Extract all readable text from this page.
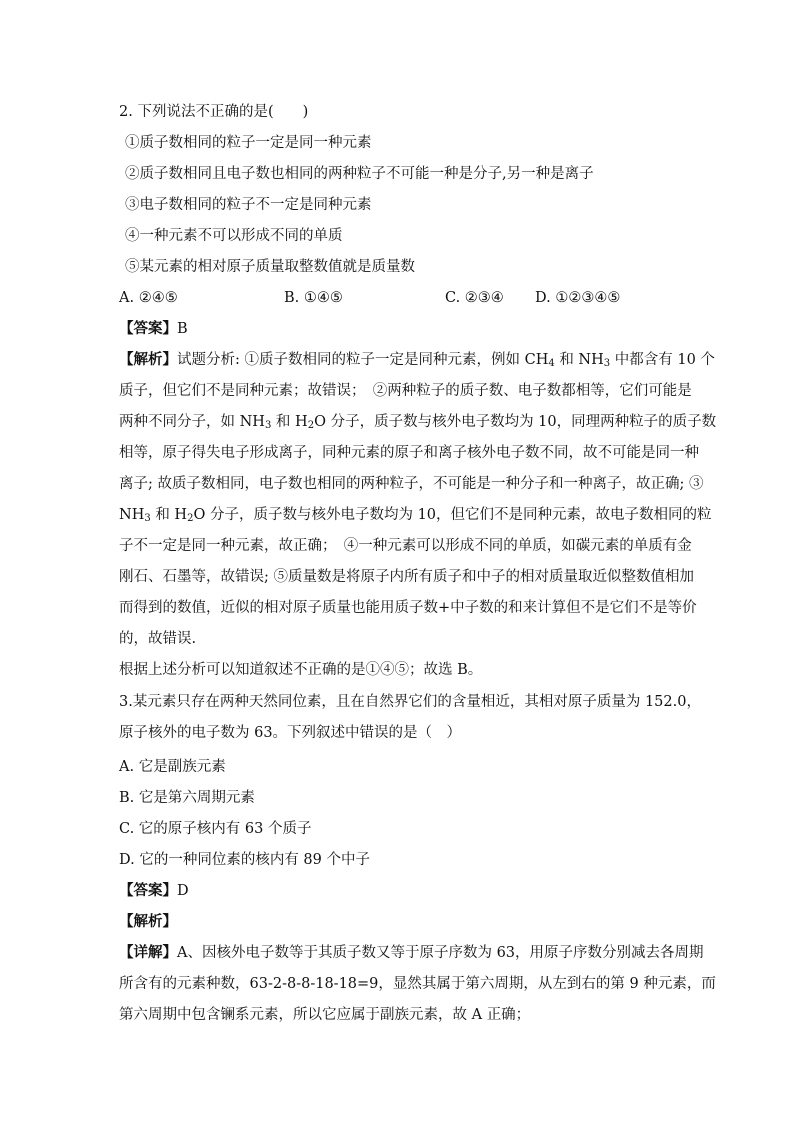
2. 下列说法不正确的是(　　)
①质子数相同的粒子一定是同一种元素
②质子数相同且电子数也相同的两种粒子不可能一种是分子,另一种是离子
③电子数相同的粒子不一定是同种元素
④一种元素不可以形成不同的单质
⑤某元素的相对原子质量取整数值就是质量数
A. ②④⑤	B. ①④⑤	C. ②③④ D. ①②③④⑤
【答案】B
【解析】试题分析: ①质子数相同的粒子一定是同种元素，例如 $CH_4$ 和 $NH_3$ 中都含有 10 个
质子，但它们不是同种元素；故错误；　②两种粒子的质子数、电子数都相等，它们可能是
两种不同分子，如 $NH_3$ 和 $H_2O$ 分子，质子数与核外电子数均为 10，同理两种粒子的质子数
相等，原子得失电子形成离子，同种元素的原子和离子核外电子数不同，故不可能是同一种
离子; 故质子数相同，电子数也相同的两种粒子，不可能是一种分子和一种离子，故正确; ③
$NH_3$ 和 $H_2O$ 分子，质子数与核外电子数均为 10，但它们不是同种元素，故电子数相同的粒
子不一定是同一种元素，故正确；　④一种元素可以形成不同的单质，如碳元素的单质有金
刚石、石墨等，故错误; ⑤质量数是将原子内所有质子和中子的相对质量取近似整数值相加
而得到的数值，近似的相对原子质量也能用质子数+中子数的和来计算但不是它们不是等价
的，故错误.
根据上述分析可以知道叙述不正确的是①④⑤；故选 B。
3.某元素只存在两种天然同位素，且在自然界它们的含量相近，其相对原子质量为 152.0，
原子核外的电子数为 63。下列叙述中错误的是（　）
A. 它是副族元素
B. 它是第六周期元素
C. 它的原子核内有 63 个质子
D. 它的一种同位素的核内有 89 个中子
【答案】D
【解析】
【详解】A、因核外电子数等于其质子数又等于原子序数为 63，用原子序数分别减去各周期
所含有的元素种数，63-2-8-8-18-18=9，显然其属于第六周期，从左到右的第 9 种元素，而
第六周期中包含镧系元素，所以它应属于副族元素，故 A 正确；
